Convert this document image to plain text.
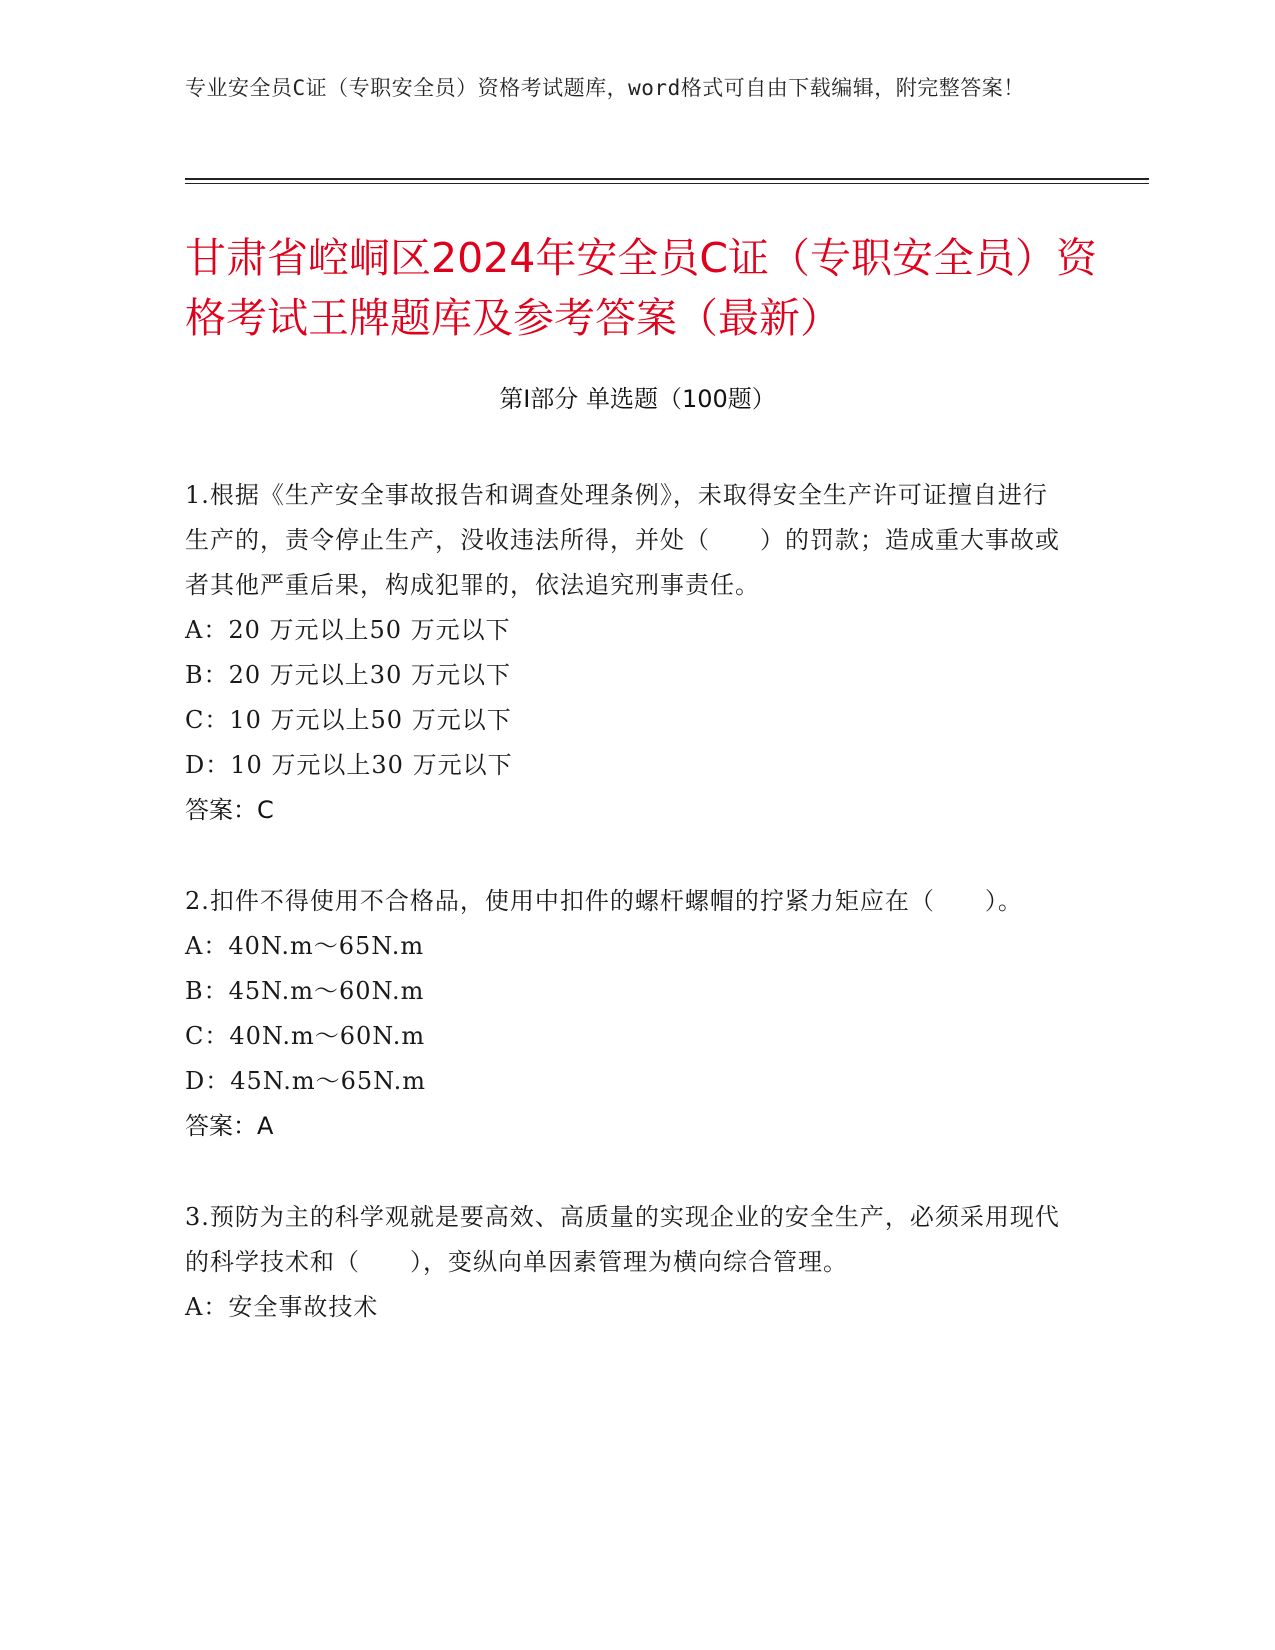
专业安全员C证（专职安全员）资格考试题库，word格式可自由下载编辑，附完整答案！
甘肃省崆峒区2024年安全员C证（专职安全员）资格考试王牌题库及参考答案（最新）
第Ⅰ部分 单选题（100题）
1.根据《生产安全事故报告和调查处理条例》，未取得安全生产许可证擅自进行生产的，责令停止生产，没收违法所得，并处（　　）的罚款；造成重大事故或者其他严重后果，构成犯罪的，依法追究刑事责任。
A：20 万元以上50 万元以下
B：20 万元以上30 万元以下
C：10 万元以上50 万元以下
D：10 万元以上30 万元以下
答案：C
2.扣件不得使用不合格品，使用中扣件的螺杆螺帽的拧紧力矩应在（　　）。
A：40N.m～65N.m
B：45N.m～60N.m
C：40N.m～60N.m
D：45N.m～65N.m
答案：A
3.预防为主的科学观就是要高效、高质量的实现企业的安全生产，必须采用现代的科学技术和（　　），变纵向单因素管理为横向综合管理。
A：安全事故技术
